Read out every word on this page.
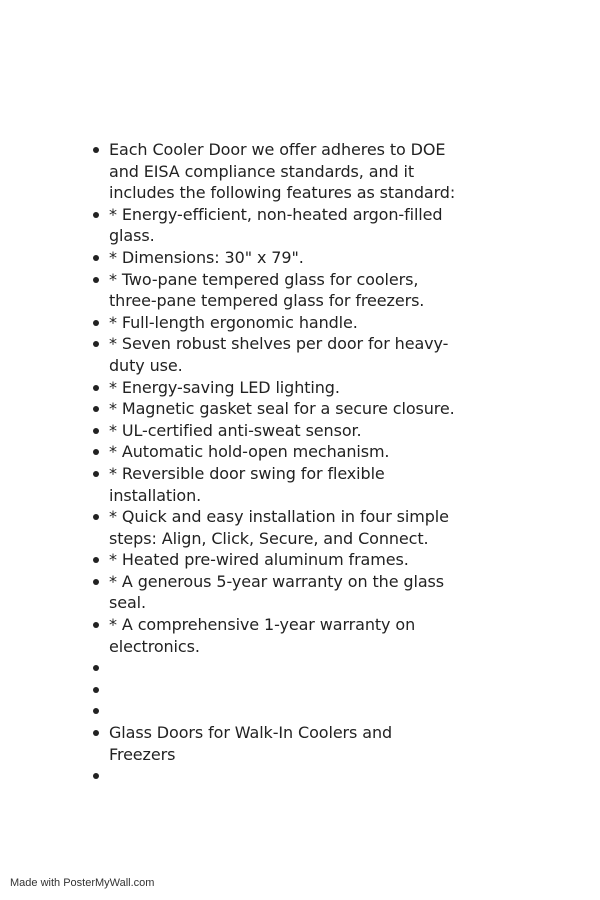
Each Cooler Door we offer adheres to DOE and EISA compliance standards, and it includes the following features as standard:
* Energy-efficient, non-heated argon-filled glass.
* Dimensions: 30" x 79".
* Two-pane tempered glass for coolers, three-pane tempered glass for freezers.
* Full-length ergonomic handle.
* Seven robust shelves per door for heavy-duty use.
* Energy-saving LED lighting.
* Magnetic gasket seal for a secure closure.
* UL-certified anti-sweat sensor.
* Automatic hold-open mechanism.
* Reversible door swing for flexible installation.
* Quick and easy installation in four simple steps: Align, Click, Secure, and Connect.
* Heated pre-wired aluminum frames.
* A generous 5-year warranty on the glass seal.
* A comprehensive 1-year warranty on electronics.
Glass Doors for Walk-In Coolers and Freezers
Made with PosterMyWall.com
